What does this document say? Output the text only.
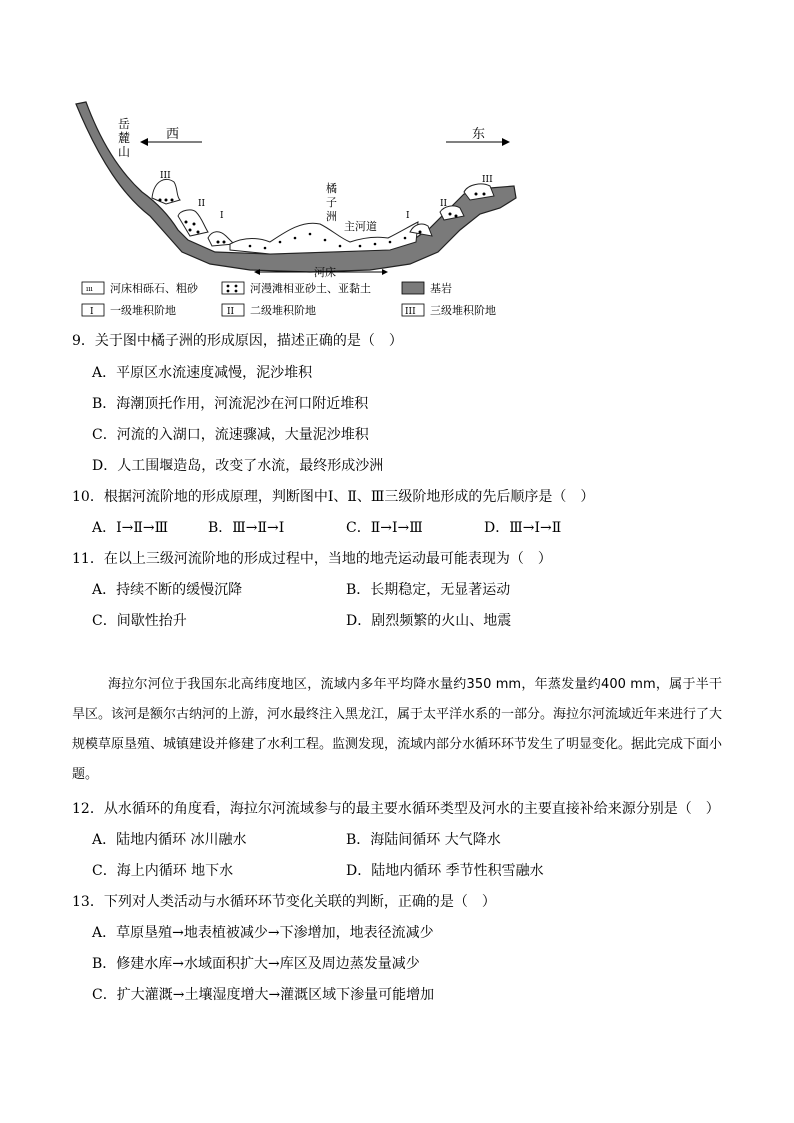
岳麓山
西	东
橘子洲
主河道
河床
III
II
I	I
II
III
ııı 河床相砾石、粗砂	河漫滩相亚砂土、亚黏土	基岩
I 一级堆积阶地	II 二级堆积阶地	III 三级堆积阶地
9．关于图中橘子洲的形成原因，描述正确的是（　）
A．平原区水流速度减慢，泥沙堆积
B．海潮顶托作用，河流泥沙在河口附近堆积
C．河流的入湖口，流速骤减，大量泥沙堆积
D．人工围堰造岛，改变了水流，最终形成沙洲
10．根据河流阶地的形成原理，判断图中Ⅰ、Ⅱ、Ⅲ三级阶地形成的先后顺序是（　）
A．Ⅰ→Ⅱ→Ⅲ	B．Ⅲ→Ⅱ→Ⅰ	C．Ⅱ→Ⅰ→Ⅲ	D．Ⅲ→Ⅰ→Ⅱ
11．在以上三级河流阶地的形成过程中，当地的地壳运动最可能表现为（　）
A．持续不断的缓慢沉降	B．长期稳定，无显著运动
C．间歇性抬升	D．剧烈频繁的火山、地震
海拉尔河位于我国东北高纬度地区，流域内多年平均降水量约350 mm，年蒸发量约400 mm，属于半干旱区。该河是额尔古纳河的上游，河水最终注入黑龙江，属于太平洋水系的一部分。海拉尔河流域近年来进行了大规模草原垦殖、城镇建设并修建了水利工程。监测发现，流域内部分水循环环节发生了明显变化。据此完成下面小题。
12．从水循环的角度看，海拉尔河流域参与的最主要水循环类型及河水的主要直接补给来源分别是（　）
A．陆地内循环 冰川融水	B．海陆间循环 大气降水
C．海上内循环 地下水	D．陆地内循环 季节性积雪融水
13．下列对人类活动与水循环环节变化关联的判断，正确的是（　）
A．草原垦殖→地表植被减少→下渗增加，地表径流减少
B．修建水库→水域面积扩大→库区及周边蒸发量减少
C．扩大灌溉→土壤湿度增大→灌溉区域下渗量可能增加
